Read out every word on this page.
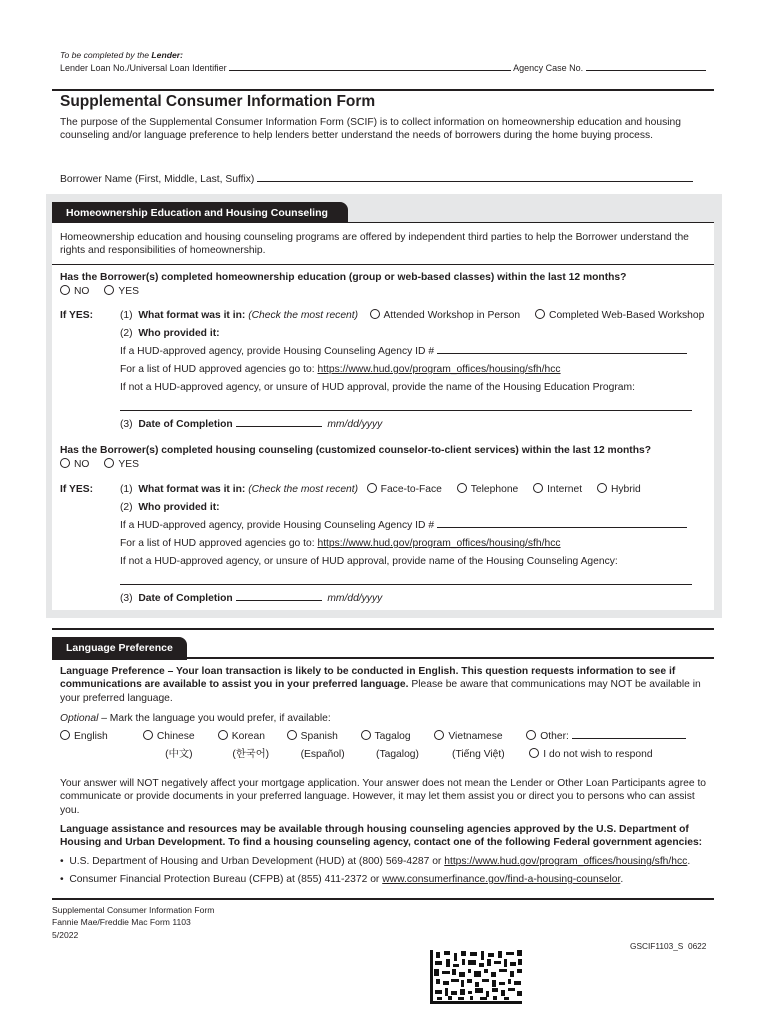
To be completed by the Lender:
Lender Loan No./Universal Loan Identifier	Agency Case No.
Supplemental Consumer Information Form
The purpose of the Supplemental Consumer Information Form (SCIF) is to collect information on homeownership education and housing counseling and/or language preference to help lenders better understand the needs of borrowers during the home buying process.
Borrower Name (First, Middle, Last, Suffix)
Homeownership Education and Housing Counseling
Homeownership education and housing counseling programs are offered by independent third parties to help the Borrower understand the rights and responsibilities of homeownership.
Has the Borrower(s) completed homeownership education (group or web-based classes) within the last 12 months?
NO	YES
If YES:	(1) What format was it in: (Check the most recent) Attended Workshop in Person	Completed Web-Based Workshop
(2) Who provided it:
If a HUD-approved agency, provide Housing Counseling Agency ID #
For a list of HUD approved agencies go to: https://www.hud.gov/program_offices/housing/sfh/hcc
If not a HUD-approved agency, or unsure of HUD approval, provide the name of the Housing Education Program:
(3) Date of Completion	mm/dd/yyyy
Has the Borrower(s) completed housing counseling (customized counselor-to-client services) within the last 12 months?
NO	YES
If YES:	(1) What format was it in: (Check the most recent) Face-to-Face	Telephone	Internet	Hybrid
(2) Who provided it:
If a HUD-approved agency, provide Housing Counseling Agency ID #
For a list of HUD approved agencies go to: https://www.hud.gov/program_offices/housing/sfh/hcc
If not a HUD-approved agency, or unsure of HUD approval, provide name of the Housing Counseling Agency:
(3) Date of Completion	mm/dd/yyyy
Language Preference
Language Preference – Your loan transaction is likely to be conducted in English. This question requests information to see if communications are available to assist you in your preferred language. Please be aware that communications may NOT be available in your preferred language.
Optional – Mark the language you would prefer, if available:
English	Chinese	Korean	Spanish	Tagalog	Vietnamese	Other:
(中文)	(한국어)	(Español)	(Tagalog)	(Tiếng Việt)	I do not wish to respond
Your answer will NOT negatively affect your mortgage application. Your answer does not mean the Lender or Other Loan Participants agree to communicate or provide documents in your preferred language. However, it may let them assist you or direct you to persons who can assist you.
Language assistance and resources may be available through housing counseling agencies approved by the U.S. Department of Housing and Urban Development. To find a housing counseling agency, contact one of the following Federal government agencies:
• U.S. Department of Housing and Urban Development (HUD) at (800) 569-4287 or https://www.hud.gov/program_offices/housing/sfh/hcc.
• Consumer Financial Protection Bureau (CFPB) at (855) 411-2372 or www.consumerfinance.gov/find-a-housing-counselor.
Supplemental Consumer Information Form
Fannie Mae/Freddie Mac Form 1103
5/2022
GSCIF1103_S  0622
